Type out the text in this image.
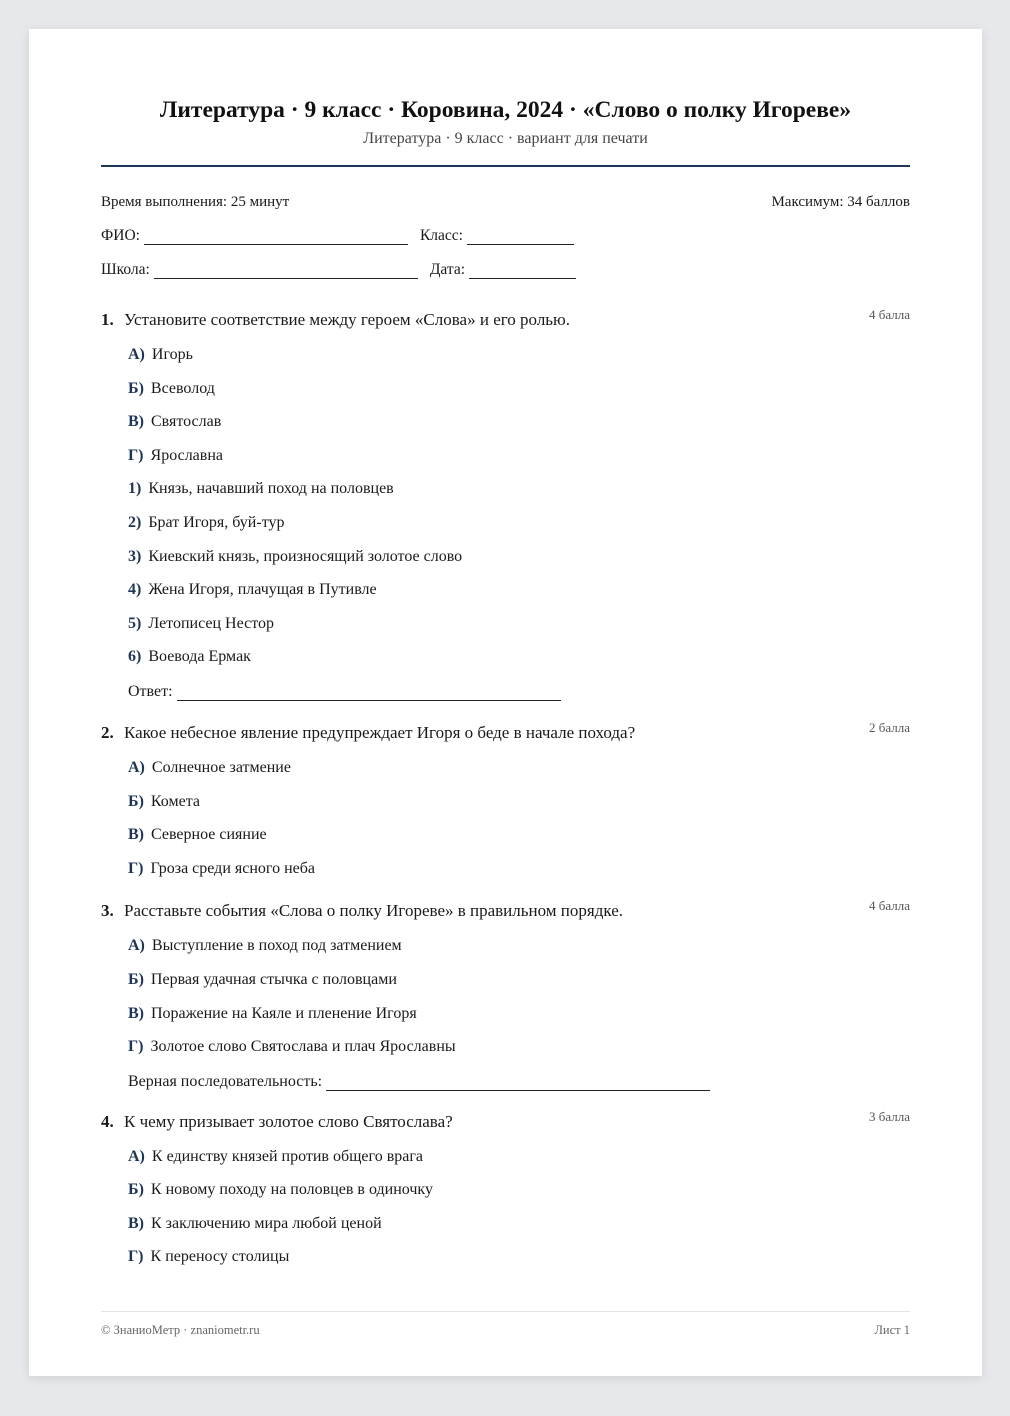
Литература · 9 класс · Коровина, 2024 · «Слово о полку Игореве»
Литература · 9 класс · вариант для печати
Время выполнения: 25 минут	Максимум: 34 баллов
ФИО:	Класс:
Школа:	Дата:
1. Установите соответствие между героем «Слова» и его ролью.	4 балла
А) Игорь
Б) Всеволод
В) Святослав
Г) Ярославна
1) Князь, начавший поход на половцев
2) Брат Игоря, буй-тур
3) Киевский князь, произносящий золотое слово
4) Жена Игоря, плачущая в Путивле
5) Летописец Нестор
6) Воевода Ермак
Ответ:
2. Какое небесное явление предупреждает Игоря о беде в начале похода?	2 балла
А) Солнечное затмение
Б) Комета
В) Северное сияние
Г) Гроза среди ясного неба
3. Расставьте события «Слова о полку Игореве» в правильном порядке.	4 балла
А) Выступление в поход под затмением
Б) Первая удачная стычка с половцами
В) Поражение на Каяле и пленение Игоря
Г) Золотое слово Святослава и плач Ярославны
Верная последовательность:
4. К чему призывает золотое слово Святослава?	3 балла
А) К единству князей против общего врага
Б) К новому походу на половцев в одиночку
В) К заключению мира любой ценой
Г) К переносу столицы
© ЗнаниоМетр · znaniometr.ru	Лист 1
